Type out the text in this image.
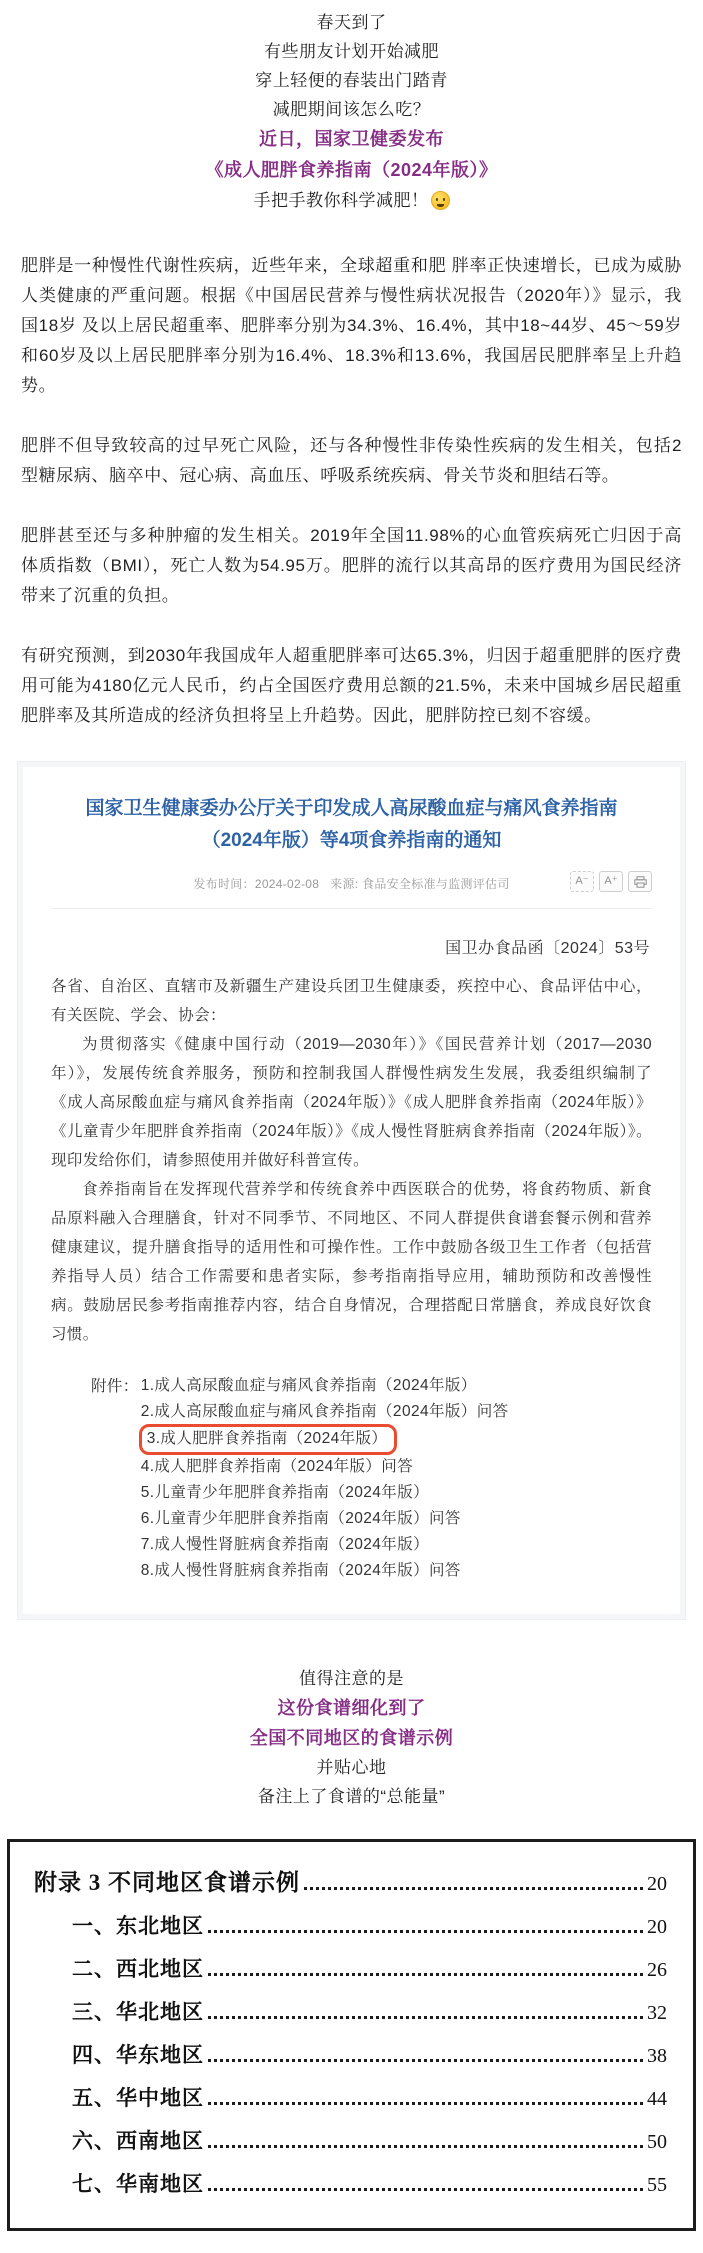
春天到了
有些朋友计划开始减肥
穿上轻便的春装出门踏青
减肥期间该怎么吃？
近日，国家卫健委发布
《成人肥胖食养指南（2024年版）》
手把手教你科学减肥！

肥胖是一种慢性代谢性疾病，近些年来，全球超重和肥 胖率正快速增长，已成为威胁人类健康的严重问题。根据《中国居民营养与慢性病状况报告（2020年）》显示，我国18岁 及以上居民超重率、肥胖率分别为34.3%、16.4%，其中18~44岁、45～59岁和60岁及以上居民肥胖率分别为16.4%、18.3%和13.6%，我国居民肥胖率呈上升趋势。

肥胖不但导致较高的过早死亡风险，还与各种慢性非传染性疾病的发生相关，包括2型糖尿病、脑卒中、冠心病、高血压、呼吸系统疾病、骨关节炎和胆结石等。

肥胖甚至还与多种肿瘤的发生相关。2019年全国11.98%的心血管疾病死亡归因于高体质指数（BMI），死亡人数为54.95万。肥胖的流行以其高昂的医疗费用为国民经济带来了沉重的负担。

有研究预测，到2030年我国成年人超重肥胖率可达65.3%，归因于超重肥胖的医疗费用可能为4180亿元人民币，约占全国医疗费用总额的21.5%，未来中国城乡居民超重肥胖率及其所造成的经济负担将呈上升趋势。因此，肥胖防控已刻不容缓。

国家卫生健康委办公厅关于印发成人高尿酸血症与痛风食养指南（2024年版）等4项食养指南的通知
发布时间：2024-02-08 来源: 食品安全标准与监测评估司	A⁻	A⁺
国卫办食品函〔2024〕53号

各省、自治区、直辖市及新疆生产建设兵团卫生健康委，疾控中心、食品评估中心，有关医院、学会、协会：

为贯彻落实《健康中国行动（2019—2030年）》《国民营养计划（2017—2030年）》，发展传统食养服务，预防和控制我国人群慢性病发生发展，我委组织编制了《成人高尿酸血症与痛风食养指南（2024年版）》《成人肥胖食养指南（2024年版）》《儿童青少年肥胖食养指南（2024年版）》《成人慢性肾脏病食养指南（2024年版）》。现印发给你们，请参照使用并做好科普宣传。

食养指南旨在发挥现代营养学和传统食养中西医联合的优势，将食药物质、新食品原料融入合理膳食，针对不同季节、不同地区、不同人群提供食谱套餐示例和营养健康建议，提升膳食指导的适用性和可操作性。工作中鼓励各级卫生工作者（包括营养指导人员）结合工作需要和患者实际，参考指南指导应用，辅助预防和改善慢性病。鼓励居民参考指南推荐内容，结合自身情况，合理搭配日常膳食，养成良好饮食习惯。

附件： 1.成人高尿酸血症与痛风食养指南（2024年版）
2.成人高尿酸血症与痛风食养指南（2024年版）问答
3.成人肥胖食养指南（2024年版）
4.成人肥胖食养指南（2024年版）问答
5.儿童青少年肥胖食养指南（2024年版）
6.儿童青少年肥胖食养指南（2024年版）问答
7.成人慢性肾脏病食养指南（2024年版）
8.成人慢性肾脏病食养指南（2024年版）问答
值得注意的是
这份食谱细化到了
全国不同地区的食谱示例
并贴心地
备注上了食谱的“总能量”
附录 3 不同地区食谱示例	20
一、东北地区	20
二、西北地区	26
三、华北地区	32
四、华东地区	38
五、华中地区	44
六、西南地区	50
七、华南地区	55
